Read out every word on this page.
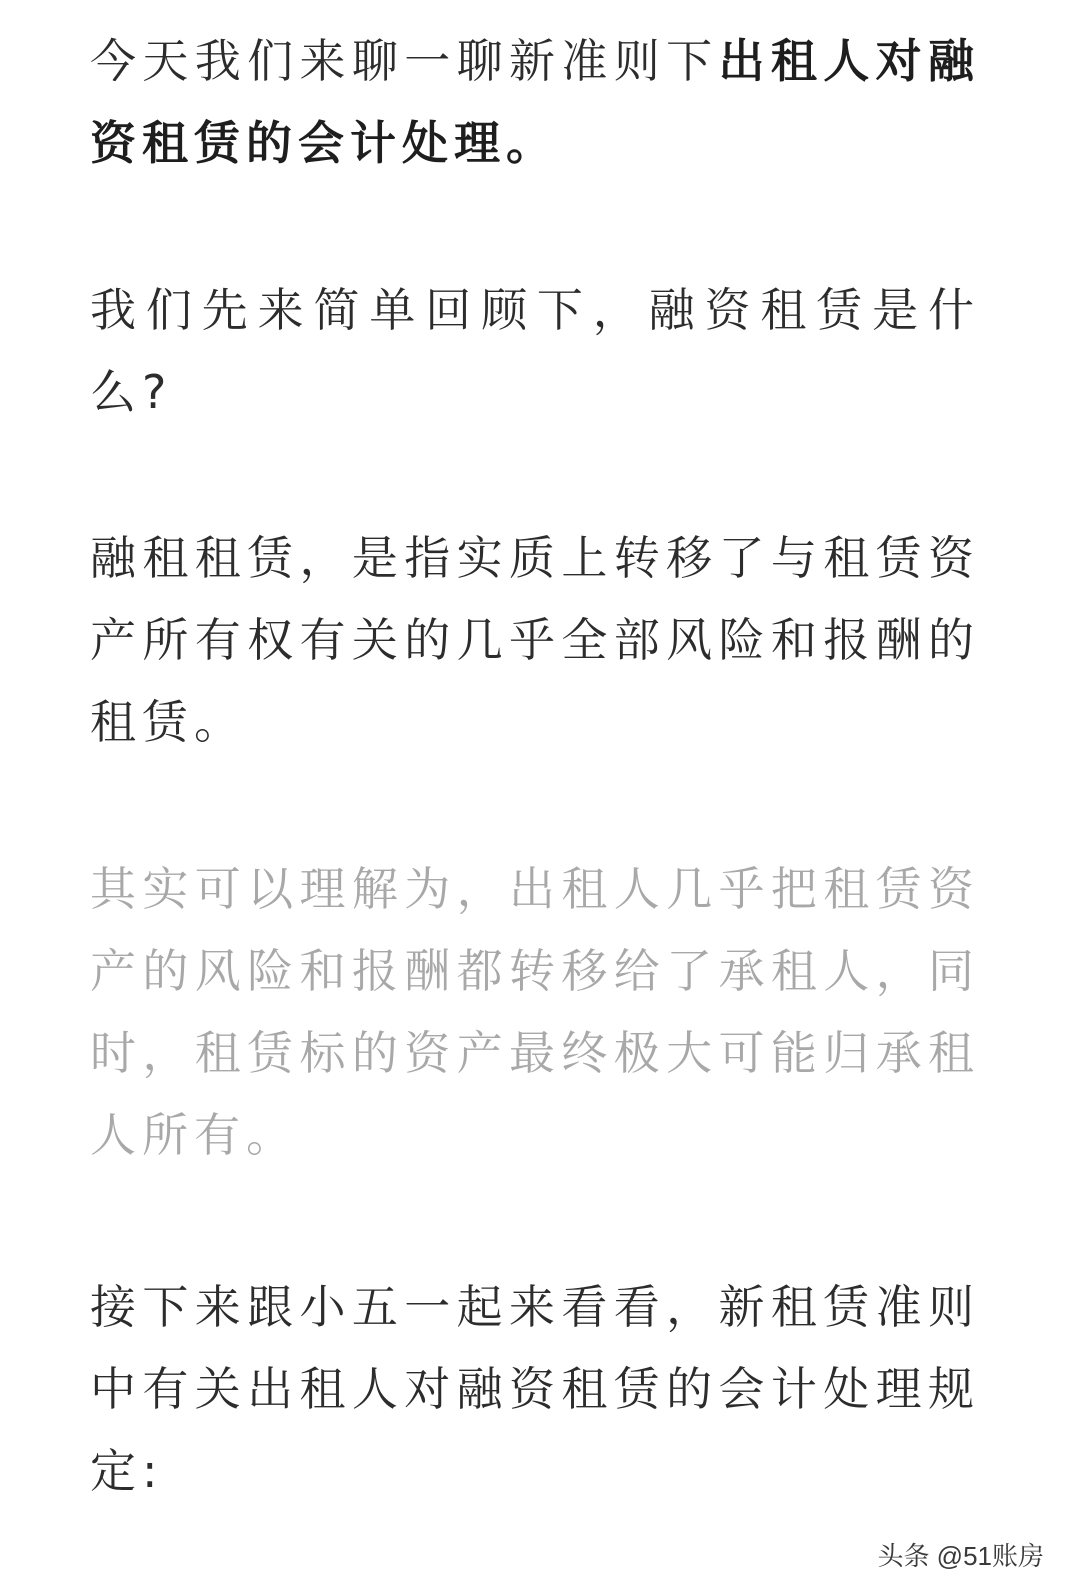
今天我们来聊一聊新准则下出租人对融资租赁的会计处理。

我们先来简单回顾下，融资租赁是什么?

融租租赁，是指实质上转移了与租赁资产所有权有关的几乎全部风险和报酬的租赁。

其实可以理解为，出租人几乎把租赁资产的风险和报酬都转移给了承租人，同时，租赁标的资产最终极大可能归承租人所有。

接下来跟小五一起来看看，新租赁准则中有关出租人对融资租赁的会计处理规定:

头条 @51账房
